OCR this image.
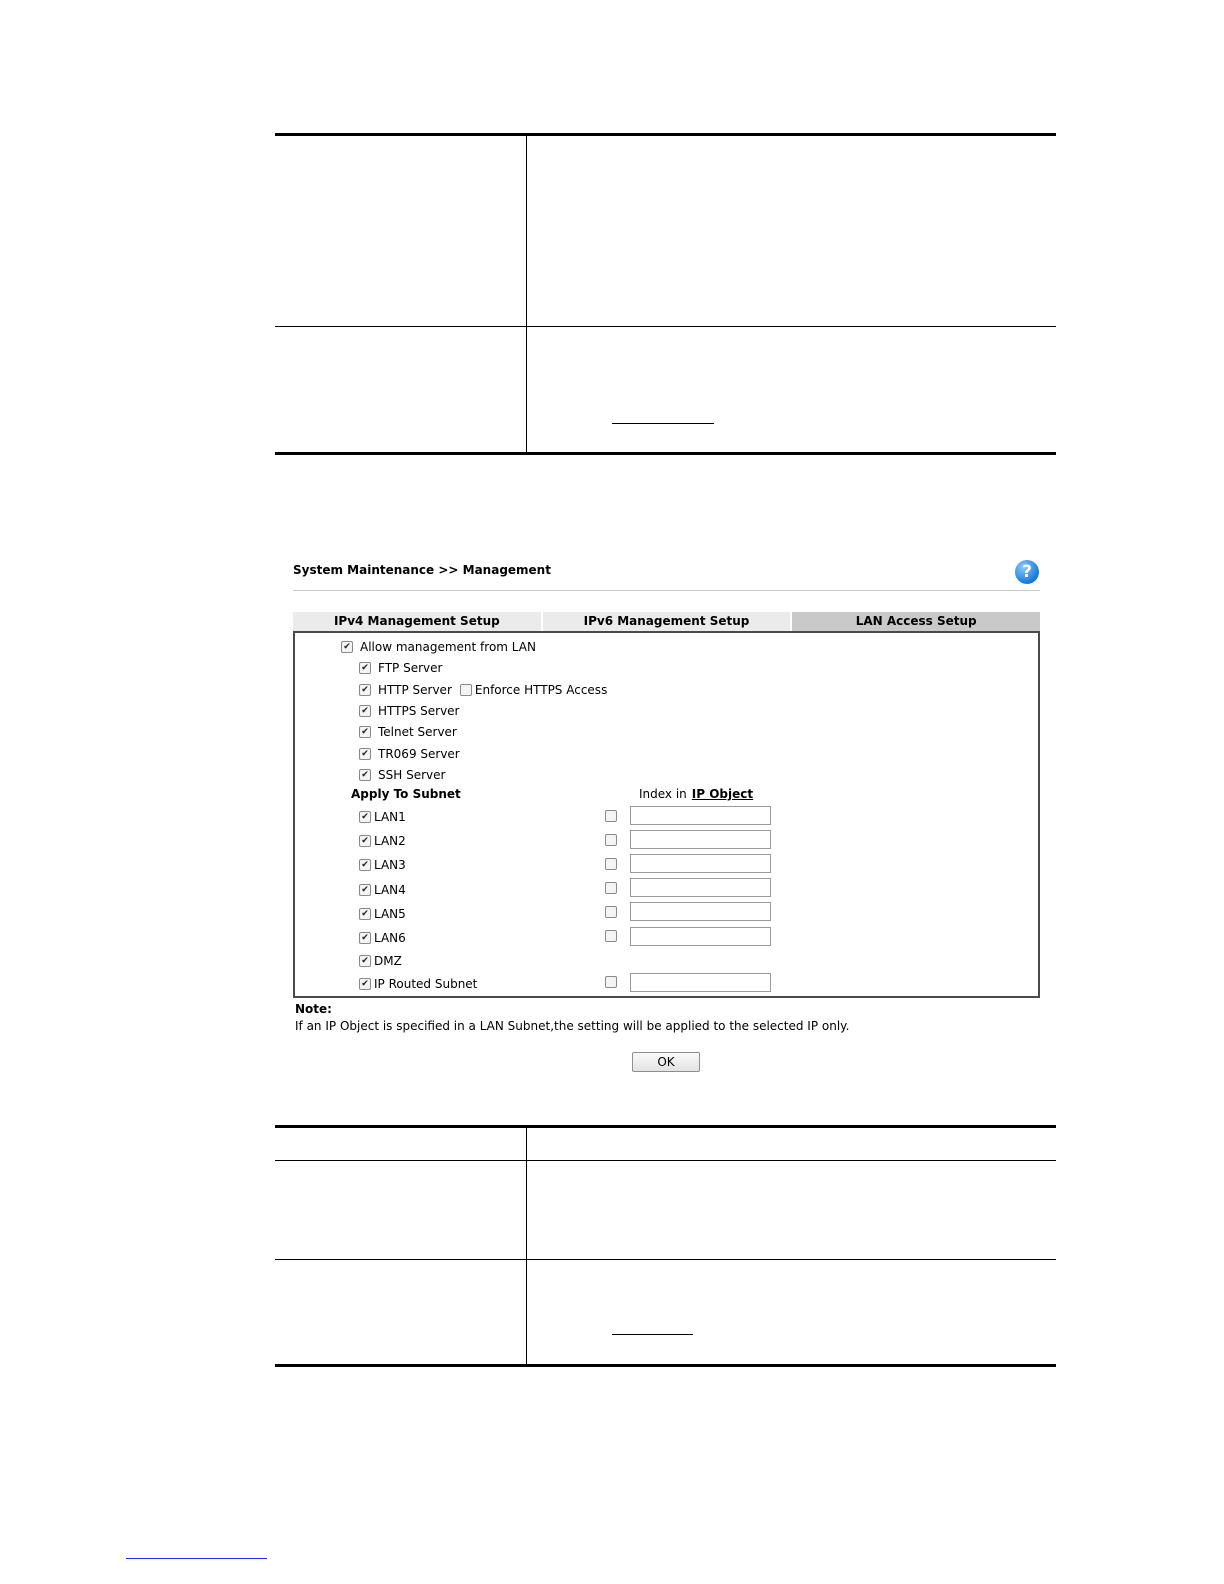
System Maintenance >> Management	?
IPv4 Management Setup	IPv6 Management Setup	LAN Access Setup
✔ Allow management from LAN
✔ FTP Server
✔ HTTP Server Enforce HTTPS Access
✔ HTTPS Server
✔ Telnet Server
✔ TR069 Server
✔ SSH Server
Apply To Subnet	Index in IP Object
✔ LAN1
✔ LAN2
✔ LAN3
✔ LAN4
✔ LAN5
✔ LAN6
✔ DMZ
✔ IP Routed Subnet
Note:
If an IP Object is specified in a LAN Subnet,the setting will be applied to the selected IP only.
OK
